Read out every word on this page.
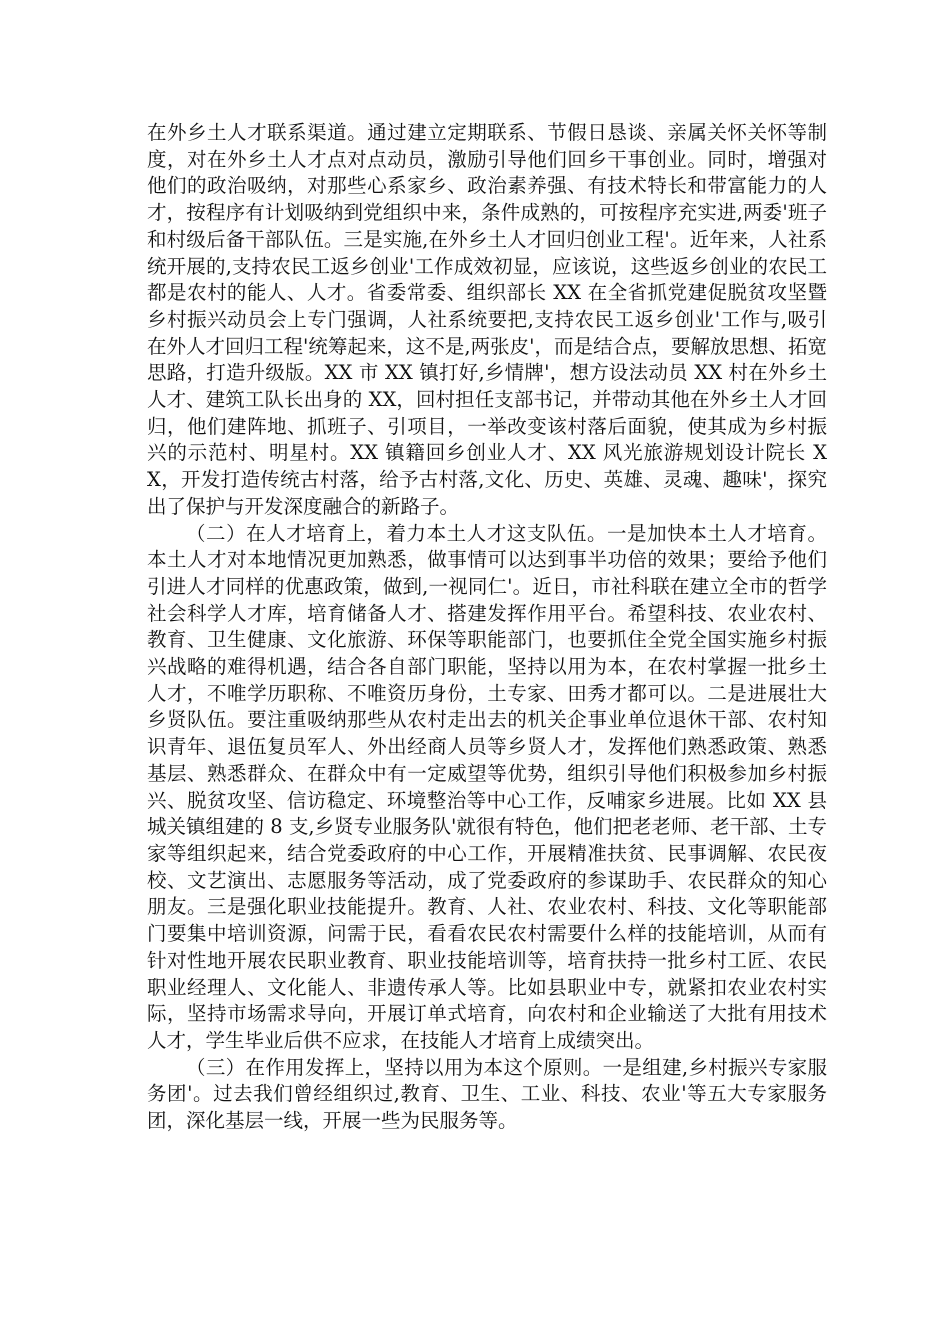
在外乡土人才联系渠道。通过建立定期联系、节假日恳谈、亲属关怀关怀等制度，对在外乡土人才点对点动员，激励引导他们回乡干事创业。同时，增强对他们的政治吸纳，对那些心系家乡、政治素养强、有技术特长和带富能力的人才，按程序有计划吸纳到党组织中来，条件成熟的，可按程序充实进,两委'班子和村级后备干部队伍。三是实施,在外乡土人才回归创业工程'。近年来，人社系统开展的,支持农民工返乡创业'工作成效初显，应该说，这些返乡创业的农民工都是农村的能人、人才。省委常委、组织部长 XX 在全省抓党建促脱贫攻坚暨乡村振兴动员会上专门强调，人社系统要把,支持农民工返乡创业'工作与,吸引在外人才回归工程'统筹起来，这不是,两张皮'，而是结合点，要解放思想、拓宽思路，打造升级版。XX 市 XX 镇打好,乡情牌'，想方设法动员 XX 村在外乡土人才、建筑工队长出身的 XX，回村担任支部书记，并带动其他在外乡土人才回归，他们建阵地、抓班子、引项目，一举改变该村落后面貌，使其成为乡村振兴的示范村、明星村。XX 镇籍回乡创业人才、XX 风光旅游规划设计院长 XX，开发打造传统古村落，给予古村落,文化、历史、英雄、灵魂、趣味'，探究出了保护与开发深度融合的新路子。

（二）在人才培育上，着力本土人才这支队伍。一是加快本土人才培育。本土人才对本地情况更加熟悉，做事情可以达到事半功倍的效果；要给予他们引进人才同样的优惠政策，做到,一视同仁'。近日，市社科联在建立全市的哲学社会科学人才库，培育储备人才、搭建发挥作用平台。希望科技、农业农村、教育、卫生健康、文化旅游、环保等职能部门，也要抓住全党全国实施乡村振兴战略的难得机遇，结合各自部门职能，坚持以用为本，在农村掌握一批乡土人才，不唯学历职称、不唯资历身份，土专家、田秀才都可以。二是进展壮大乡贤队伍。要注重吸纳那些从农村走出去的机关企事业单位退休干部、农村知识青年、退伍复员军人、外出经商人员等乡贤人才，发挥他们熟悉政策、熟悉基层、熟悉群众、在群众中有一定威望等优势，组织引导他们积极参加乡村振兴、脱贫攻坚、信访稳定、环境整治等中心工作，反哺家乡进展。比如 XX 县城关镇组建的 8 支,乡贤专业服务队'就很有特色，他们把老老师、老干部、土专家等组织起来，结合党委政府的中心工作，开展精准扶贫、民事调解、农民夜校、文艺演出、志愿服务等活动，成了党委政府的参谋助手、农民群众的知心朋友。三是强化职业技能提升。教育、人社、农业农村、科技、文化等职能部门要集中培训资源，问需于民，看看农民农村需要什么样的技能培训，从而有针对性地开展农民职业教育、职业技能培训等，培育扶持一批乡村工匠、农民职业经理人、文化能人、非遗传承人等。比如县职业中专，就紧扣农业农村实际，坚持市场需求导向，开展订单式培育，向农村和企业输送了大批有用技术人才，学生毕业后供不应求，在技能人才培育上成绩突出。

（三）在作用发挥上，坚持以用为本这个原则。一是组建,乡村振兴专家服务团'。过去我们曾经组织过,教育、卫生、工业、科技、农业'等五大专家服务团，深化基层一线，开展一些为民服务等。
